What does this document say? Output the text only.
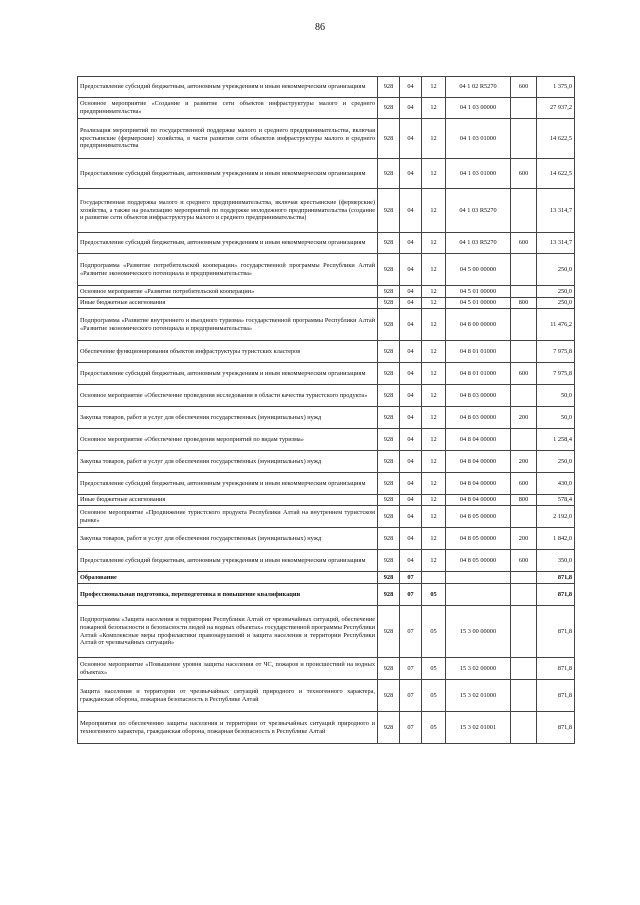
86
Предоставление субсидий бюджетным, автономным учреждениям и иным некоммерческим организациям	928	04	12	04 1 02 R5270	600	1 375,0
Основное мероприятие «Создание и развитие сети объектов инфраструктуры малого и среднего предпринимательства»	928	04	12	04 1 03 00000		27 937,2
Реализация мероприятий по государственной поддержке малого и среднего предпринимательства, включая крестьянские (фермерские) хозяйства, в части развития сети объектов инфраструктуры малого и среднего предпринимательства	928	04	12	04 1 03 01000		14 622,5
Предоставление субсидий бюджетным, автономным учреждениям и иным некоммерческим организациям	928	04	12	04 1 03 01000	600	14 622,5
Государственная поддержка малого и среднего предпринимательства, включая крестьянские (фермерские) хозяйства, а также на реализацию мероприятий по поддержке молодежного предпринимательства (создание и развитие сети объектов инфраструктуры малого и среднего предпринимательства)	928	04	12	04 1 03 R5270		13 314,7
Предоставление субсидий бюджетным, автономным учреждениям и иным некоммерческим организациям	928	04	12	04 1 03 R5270	600	13 314,7
Подпрограмма «Развитие потребительской кооперации» государственной программы Республики Алтай «Развитие экономического потенциала и предпринимательства»	928	04	12	04 5 00 00000		250,0
Основное мероприятие «Развитие потребительской кооперации»	928	04	12	04 5 01 00000		250,0
Иные бюджетные ассигнования	928	04	12	04 5 01 00000	800	250,0
Подпрограмма «Развитие внутреннего и въездного туризма» государственной программы Республики Алтай «Развитие экономического потенциала и предпринимательства»	928	04	12	04 8 00 00000		11 476,2
Обеспечение функционирования объектов инфраструктуры туристских кластеров	928	04	12	04 8 01 01000		7 975,8
Предоставление субсидий бюджетным, автономным учреждениям и иным некоммерческим организациям	928	04	12	04 8 01 01000	600	7 975,8
Основное мероприятие «Обеспечение проведения исследования в области качества туристского продукта»	928	04	12	04 8 03 00000		50,0
Закупка товаров, работ и услуг для обеспечения государственных (муниципальных) нужд	928	04	12	04 8 03 00000	200	50,0
Основное мероприятие «Обеспечение проведения мероприятий по видам туризма»	928	04	12	04 8 04 00000		1 258,4
Закупка товаров, работ и услуг для обеспечения государственных (муниципальных) нужд	928	04	12	04 8 04 00000	200	250,0
Предоставление субсидий бюджетным, автономным учреждениям и иным некоммерческим организациям	928	04	12	04 8 04 00000	600	430,0
Иные бюджетные ассигнования	928	04	12	04 8 04 00000	800	578,4
Основное мероприятие «Продвижение туристского продукта Республики Алтай на внутреннем туристском рынке»	928	04	12	04 8 05 00000		2 192,0
Закупка товаров, работ и услуг для обеспечения государственных (муниципальных) нужд	928	04	12	04 8 05 00000	200	1 842,0
Предоставление субсидий бюджетным, автономным учреждениям и иным некоммерческим организациям	928	04	12	04 8 05 00000	600	350,0
Образование	928	07				871,8
Профессиональная подготовка, переподготовка и повышение квалификации	928	07	05			871,8
Подпрограмма «Защита населения и территории Республики Алтай от чрезвычайных ситуаций, обеспечение пожарной безопасности и безопасности людей на водных объектах» государственной программы Республики Алтай «Комплексные меры профилактики правонарушений и защита населения и территории Республики Алтай от чрезвычайных ситуаций»	928	07	05	15 3 00 00000		871,8
Основное мероприятие «Повышение уровня защиты населения от ЧС, пожаров и происшествий на водных объектах»	928	07	05	15 3 02 00000		871,8
Защита населения и территории от чрезвычайных ситуаций природного и техногенного характера, гражданская оборона, пожарная безопасность в Республике Алтай	928	07	05	15 3 02 01000		871,8
Мероприятия по обеспечению защиты населения и территории от чрезвычайных ситуаций природного и техногенного характера, гражданская оборона, пожарная безопасность в Республике Алтай	928	07	05	15 3 02 01001		871,8
